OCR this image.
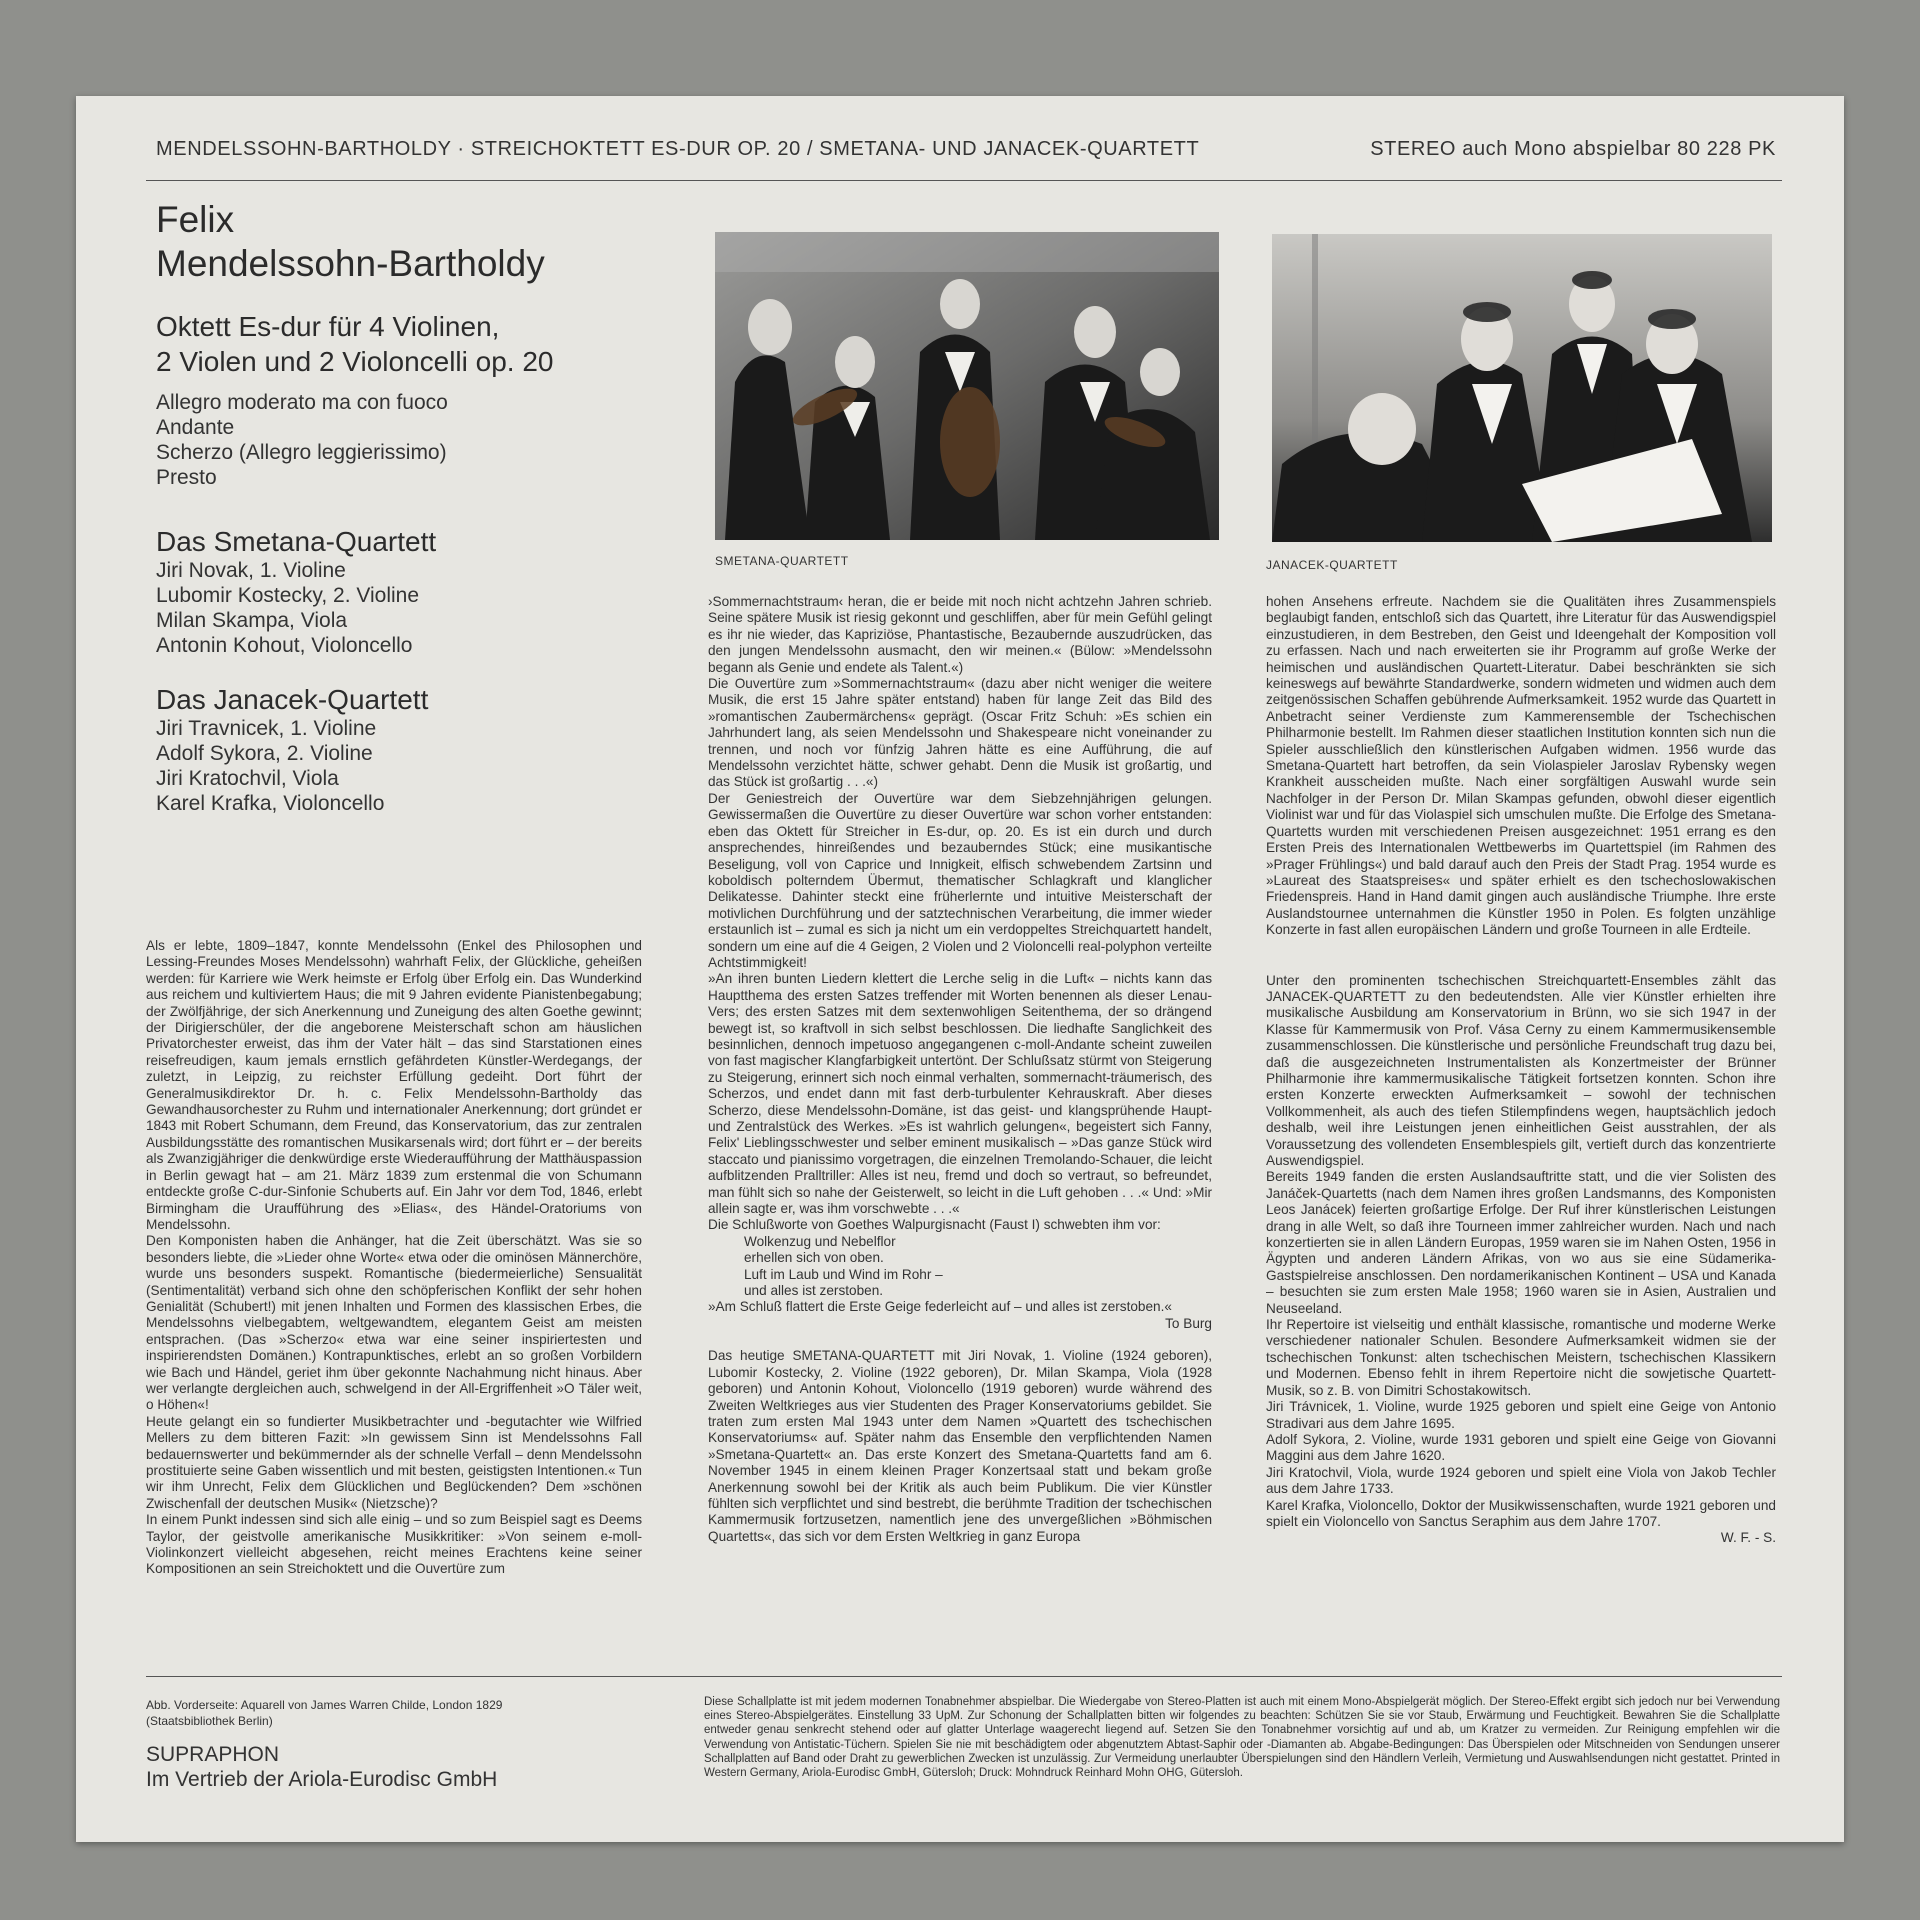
MENDELSSOHN-BARTHOLDY · STREICHOKTETT ES-DUR OP. 20 / SMETANA- UND JANACEK-QUARTETT	STEREO auch Mono abspielbar 80 228 PK
Felix
Mendelssohn-Bartholdy
Oktett Es-dur für 4 Violinen,
2 Violen und 2 Violoncelli op. 20
Allegro moderato ma con fuoco
Andante
Scherzo (Allegro leggierissimo)
Presto
Das Smetana-Quartett
Jiri Novak, 1. Violine
Lubomir Kostecky, 2. Violine
Milan Skampa, Viola
Antonin Kohout, Violoncello
Das Janacek-Quartett
Jiri Travnicek, 1. Violine
Adolf Sykora, 2. Violine
Jiri Kratochvil, Viola
Karel Krafka, Violoncello
SMETANA-QUARTETT	JANACEK-QUARTETT

Als er lebte, 1809–1847, konnte Mendelssohn (Enkel des Philosophen und Lessing-Freundes Moses Mendelssohn) wahrhaft Felix, der Glückliche, geheißen werden: für Karriere wie Werk heimste er Erfolg über Erfolg ein. Das Wunderkind aus reichem und kultiviertem Haus; die mit 9 Jahren evidente Pianistenbegabung; der Zwölfjährige, der sich Anerkennung und Zuneigung des alten Goethe gewinnt; der Dirigierschüler, der die angeborene Meisterschaft schon am häuslichen Privatorchester erweist, das ihm der Vater hält – das sind Starstationen eines reisefreudigen, kaum jemals ernstlich gefährdeten Künstler-Werdegangs, der zuletzt, in Leipzig, zu reichster Erfüllung gedeiht. Dort führt der Generalmusikdirektor Dr. h. c. Felix Mendelssohn-Bartholdy das Gewandhausorchester zu Ruhm und internationaler Anerkennung; dort gründet er 1843 mit Robert Schumann, dem Freund, das Konservatorium, das zur zentralen Ausbildungsstätte des romantischen Musikarsenals wird; dort führt er – der bereits als Zwanzigjähriger die denkwürdige erste Wiederaufführung der Matthäuspassion in Berlin gewagt hat – am 21. März 1839 zum erstenmal die von Schumann entdeckte große C-dur-Sinfonie Schuberts auf. Ein Jahr vor dem Tod, 1846, erlebt Birmingham die Uraufführung des »Elias«, des Händel-Oratoriums von Mendelssohn.

Den Komponisten haben die Anhänger, hat die Zeit überschätzt. Was sie so besonders liebte, die »Lieder ohne Worte« etwa oder die ominösen Männerchöre, wurde uns besonders suspekt. Romantische (biedermeierliche) Sensualität (Sentimentalität) verband sich ohne den schöpferischen Konflikt der sehr hohen Genialität (Schubert!) mit jenen Inhalten und Formen des klassischen Erbes, die Mendelssohns vielbegabtem, weltgewandtem, elegantem Geist am meisten entsprachen. (Das »Scherzo« etwa war eine seiner inspiriertesten und inspirierendsten Domänen.) Kontrapunktisches, erlebt an so großen Vorbildern wie Bach und Händel, geriet ihm über gekonnte Nachahmung nicht hinaus. Aber wer verlangte dergleichen auch, schwelgend in der All-Ergriffenheit »O Täler weit, o Höhen«!

Heute gelangt ein so fundierter Musikbetrachter und -begutachter wie Wilfried Mellers zu dem bitteren Fazit: »In gewissem Sinn ist Mendelssohns Fall bedauernswerter und bekümmernder als der schnelle Verfall – denn Mendelssohn prostituierte seine Gaben wissentlich und mit besten, geistigsten Intentionen.« Tun wir ihm Unrecht, Felix dem Glücklichen und Beglückenden? Dem »schönen Zwischenfall der deutschen Musik« (Nietzsche)?

In einem Punkt indessen sind sich alle einig – und so zum Beispiel sagt es Deems Taylor, der geistvolle amerikanische Musikkritiker: »Von seinem e-moll-Violinkonzert vielleicht abgesehen, reicht meines Erachtens keine seiner Kompositionen an sein Streichoktett und die Ouvertüre zum

›Sommernachtstraum‹ heran, die er beide mit noch nicht achtzehn Jahren schrieb. Seine spätere Musik ist riesig gekonnt und geschliffen, aber für mein Gefühl gelingt es ihr nie wieder, das Kapriziöse, Phantastische, Bezaubernde auszudrücken, das den jungen Mendelssohn ausmacht, den wir meinen.« (Bülow: »Mendelssohn begann als Genie und endete als Talent.«)

Die Ouvertüre zum »Sommernachtstraum« (dazu aber nicht weniger die weitere Musik, die erst 15 Jahre später entstand) haben für lange Zeit das Bild des »romantischen Zaubermärchens« geprägt. (Oscar Fritz Schuh: »Es schien ein Jahrhundert lang, als seien Mendelssohn und Shakespeare nicht voneinander zu trennen, und noch vor fünfzig Jahren hätte es eine Aufführung, die auf Mendelssohn verzichtet hätte, schwer gehabt. Denn die Musik ist großartig, und das Stück ist großartig . . .«)

Der Geniestreich der Ouvertüre war dem Siebzehnjährigen gelungen. Gewissermaßen die Ouvertüre zu dieser Ouvertüre war schon vorher entstanden: eben das Oktett für Streicher in Es-dur, op. 20. Es ist ein durch und durch ansprechendes, hinreißendes und bezauberndes Stück; eine musikantische Beseligung, voll von Caprice und Innigkeit, elfisch schwebendem Zartsinn und koboldisch polterndem Übermut, thematischer Schlagkraft und klanglicher Delikatesse. Dahinter steckt eine früherlernte und intuitive Meisterschaft der motivlichen Durchführung und der satztechnischen Verarbeitung, die immer wieder erstaunlich ist – zumal es sich ja nicht um ein verdoppeltes Streichquartett handelt, sondern um eine auf die 4 Geigen, 2 Violen und 2 Violoncelli real-polyphon verteilte Achtstimmigkeit!

»An ihren bunten Liedern klettert die Lerche selig in die Luft« – nichts kann das Hauptthema des ersten Satzes treffender mit Worten benennen als dieser Lenau-Vers; des ersten Satzes mit dem sextenwohligen Seitenthema, der so drängend bewegt ist, so kraftvoll in sich selbst beschlossen. Die liedhafte Sanglichkeit des besinnlichen, dennoch impetuoso angegangenen c-moll-Andante scheint zuweilen von fast magischer Klangfarbigkeit untertönt. Der Schlußsatz stürmt von Steigerung zu Steigerung, erinnert sich noch einmal verhalten, sommernacht-träumerisch, des Scherzos, und endet dann mit fast derb-turbulenter Kehrauskraft. Aber dieses Scherzo, diese Mendelssohn-Domäne, ist das geist- und klangsprühende Haupt- und Zentralstück des Werkes. »Es ist wahrlich gelungen«, begeistert sich Fanny, Felix' Lieblingsschwester und selber eminent musikalisch – »Das ganze Stück wird staccato und pianissimo vorgetragen, die einzelnen Tremolando-Schauer, die leicht aufblitzenden Pralltriller: Alles ist neu, fremd und doch so vertraut, so befreundet, man fühlt sich so nahe der Geisterwelt, so leicht in die Luft gehoben . . .« Und: »Mir allein sagte er, was ihm vorschwebte . . .«

Die Schlußworte von Goethes Walpurgisnacht (Faust I) schwebten ihm vor:

Wolkenzug und Nebelflor
erhellen sich von oben.
Luft im Laub und Wind im Rohr –
und alles ist zerstoben.

»Am Schluß flattert die Erste Geige federleicht auf – und alles ist zerstoben.«

To Burg

Das heutige SMETANA-QUARTETT mit Jiri Novak, 1. Violine (1924 geboren), Lubomir Kostecky, 2. Violine (1922 geboren), Dr. Milan Skampa, Viola (1928 geboren) und Antonin Kohout, Violoncello (1919 geboren) wurde während des Zweiten Weltkrieges aus vier Studenten des Prager Konservatoriums gebildet. Sie traten zum ersten Mal 1943 unter dem Namen »Quartett des tschechischen Konservatoriums« auf. Später nahm das Ensemble den verpflichtenden Namen »Smetana-Quartett« an. Das erste Konzert des Smetana-Quartetts fand am 6. November 1945 in einem kleinen Prager Konzertsaal statt und bekam große Anerkennung sowohl bei der Kritik als auch beim Publikum. Die vier Künstler fühlten sich verpflichtet und sind bestrebt, die berühmte Tradition der tschechischen Kammermusik fortzusetzen, namentlich jene des unvergeßlichen »Böhmischen Quartetts«, das sich vor dem Ersten Weltkrieg in ganz Europa

hohen Ansehens erfreute. Nachdem sie die Qualitäten ihres Zusammenspiels beglaubigt fanden, entschloß sich das Quartett, ihre Literatur für das Auswendigspiel einzustudieren, in dem Bestreben, den Geist und Ideengehalt der Komposition voll zu erfassen. Nach und nach erweiterten sie ihr Programm auf große Werke der heimischen und ausländischen Quartett-Literatur. Dabei beschränkten sie sich keineswegs auf bewährte Standardwerke, sondern widmeten und widmen auch dem zeitgenössischen Schaffen gebührende Aufmerksamkeit. 1952 wurde das Quartett in Anbetracht seiner Verdienste zum Kammerensemble der Tschechischen Philharmonie bestellt. Im Rahmen dieser staatlichen Institution konnten sich nun die Spieler ausschließlich den künstlerischen Aufgaben widmen. 1956 wurde das Smetana-Quartett hart betroffen, da sein Violaspieler Jaroslav Rybensky wegen Krankheit ausscheiden mußte. Nach einer sorgfältigen Auswahl wurde sein Nachfolger in der Person Dr. Milan Skampas gefunden, obwohl dieser eigentlich Violinist war und für das Violaspiel sich umschulen mußte. Die Erfolge des Smetana-Quartetts wurden mit verschiedenen Preisen ausgezeichnet: 1951 errang es den Ersten Preis des Internationalen Wettbewerbs im Quartettspiel (im Rahmen des »Prager Frühlings«) und bald darauf auch den Preis der Stadt Prag. 1954 wurde es »Laureat des Staatspreises« und später erhielt es den tschechoslowakischen Friedenspreis. Hand in Hand damit gingen auch ausländische Triumphe. Ihre erste Auslandstournee unternahmen die Künstler 1950 in Polen. Es folgten unzählige Konzerte in fast allen europäischen Ländern und große Tourneen in alle Erdteile.

Unter den prominenten tschechischen Streichquartett-Ensembles zählt das JANACEK-QUARTETT zu den bedeutendsten. Alle vier Künstler erhielten ihre musikalische Ausbildung am Konservatorium in Brünn, wo sie sich 1947 in der Klasse für Kammermusik von Prof. Vása Cerny zu einem Kammermusikensemble zusammenschlossen. Die künstlerische und persönliche Freundschaft trug dazu bei, daß die ausgezeichneten Instrumentalisten als Konzertmeister der Brünner Philharmonie ihre kammermusikalische Tätigkeit fortsetzen konnten. Schon ihre ersten Konzerte erweckten Aufmerksamkeit – sowohl der technischen Vollkommenheit, als auch des tiefen Stilempfindens wegen, hauptsächlich jedoch deshalb, weil ihre Leistungen jenen einheitlichen Geist ausstrahlen, der als Voraussetzung des vollendeten Ensemblespiels gilt, vertieft durch das konzentrierte Auswendigspiel.

Bereits 1949 fanden die ersten Auslandsauftritte statt, und die vier Solisten des Janáček-Quartetts (nach dem Namen ihres großen Landsmanns, des Komponisten Leos Janácek) feierten großartige Erfolge. Der Ruf ihrer künstlerischen Leistungen drang in alle Welt, so daß ihre Tourneen immer zahlreicher wurden. Nach und nach konzertierten sie in allen Ländern Europas, 1959 waren sie im Nahen Osten, 1956 in Ägypten und anderen Ländern Afrikas, von wo aus sie eine Südamerika-Gastspielreise anschlossen. Den nordamerikanischen Kontinent – USA und Kanada – besuchten sie zum ersten Male 1958; 1960 waren sie in Asien, Australien und Neuseeland.

Ihr Repertoire ist vielseitig und enthält klassische, romantische und moderne Werke verschiedener nationaler Schulen. Besondere Aufmerksamkeit widmen sie der tschechischen Tonkunst: alten tschechischen Meistern, tschechischen Klassikern und Modernen. Ebenso fehlt in ihrem Repertoire nicht die sowjetische Quartett-Musik, so z. B. von Dimitri Schostakowitsch.

Jiri Trávnicek, 1. Violine, wurde 1925 geboren und spielt eine Geige von Antonio Stradivari aus dem Jahre 1695.

Adolf Sykora, 2. Violine, wurde 1931 geboren und spielt eine Geige von Giovanni Maggini aus dem Jahre 1620.

Jiri Kratochvil, Viola, wurde 1924 geboren und spielt eine Viola von Jakob Techler aus dem Jahre 1733.

Karel Krafka, Violoncello, Doktor der Musikwissenschaften, wurde 1921 geboren und spielt ein Violoncello von Sanctus Seraphim aus dem Jahre 1707.

W. F. - S.

Abb. Vorderseite: Aquarell von James Warren Childe, London 1829
(Staatsbibliothek Berlin)
SUPRAPHON
Im Vertrieb der Ariola-Eurodisc GmbH
Diese Schallplatte ist mit jedem modernen Tonabnehmer abspielbar. Die Wiedergabe von Stereo-Platten ist auch mit einem Mono-Abspielgerät möglich. Der Stereo-Effekt ergibt sich jedoch nur bei Verwendung eines Stereo-Abspielgerätes. Einstellung 33 UpM. Zur Schonung der Schallplatten bitten wir folgendes zu beachten: Schützen Sie sie vor Staub, Erwärmung und Feuchtigkeit. Bewahren Sie die Schallplatte entweder genau senkrecht stehend oder auf glatter Unterlage waagerecht liegend auf. Setzen Sie den Tonabnehmer vorsichtig auf und ab, um Kratzer zu vermeiden. Zur Reinigung empfehlen wir die Verwendung von Antistatic-Tüchern. Spielen Sie nie mit beschädigtem oder abgenutztem Abtast-Saphir oder -Diamanten ab. Abgabe-Bedingungen: Das Überspielen oder Mitschneiden von Sendungen unserer Schallplatten auf Band oder Draht zu gewerblichen Zwecken ist unzulässig. Zur Vermeidung unerlaubter Überspielungen sind den Händlern Verleih, Vermietung und Auswahlsendungen nicht gestattet. Printed in Western Germany, Ariola-Eurodisc GmbH, Gütersloh; Druck: Mohndruck Reinhard Mohn OHG, Gütersloh.
